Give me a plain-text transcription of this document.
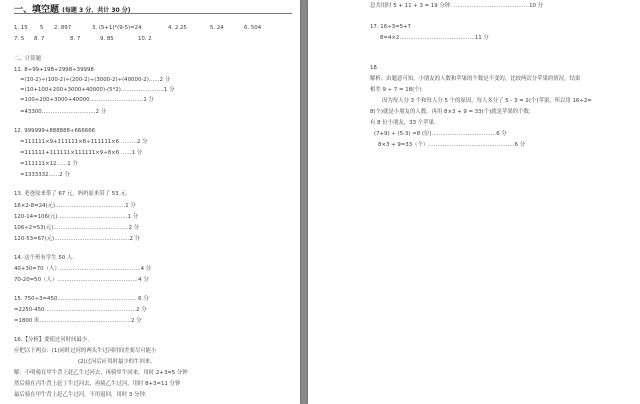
一、填空题 (每题 3 分，共计 30 分)
1. 15 5 2. 897	3. (5+1)*(9-5)=24	4. 2.25	5. 24	6. 504
7. 5 8. 7	8. 7	9. 85	10. 2
二、计算题
11. 8÷99+198÷2998÷39998
=(10-2)÷(100-2)÷(200-2)÷(3000-2)÷(40000-2)……2 分
=(10+100+200+3000+40000)-(5*2)……………………1 分
=100+200+3000+40000…………………………1 分
=43300…………………………2 分
12. 999999+888888÷666666
=111111×9+111111×8÷111111×6 ………2 分
=111111+111111×111111×9÷8×6 ……1 分
=111111×12……1 分
=1333332……2 分
13. 老爸原来带了 67 元，妈妈原来带了 53 元.
16×2-8=24(元)…………………………………1 分
120-14=106(元)…………………………………1 分
106÷2=53(元)……………………………………2 分
120-53=67(元)……………………………………2 分
14. 这个班有学生 50 人.
40+30=70（人）………………………………………4 分
70-20=50（人）………………………………………4 分
15. 750÷3=450………………………………………6 分
=2250-450……………………………………………2 分
=1800 米……………………………………………2 分
16.【分析】要使过河时间最少,
应把以下两点：(1)同时过河的两头牛过河时间差要尽可能小
(2)过河后应用时最少的牛回来。
解：小明骑在甲牛背上赶乙牛过河去，再骑甲牛回来，用时 2+3=5 分钟
然后骑在丙牛背上赶丁牛过河去，再骑乙牛过河，用时 8+3=11 分钟
最后骑在甲牛背上赶乙牛过河，不用返回，用时 3 分钟.
总共用时 5 + 11 + 3 = 19 分钟. ……………………………………10 分
17. 16÷3=5+7
8=4×2……………………………………11 分
18.
解析：由题意可知，小朋友的人数和苹果的个数是不变的，比较两次分苹果的情况，结果
相差 9 ÷ 7 = 18(个)
因为每人分 3 个和每人分 5 个的原因，每人多分了 5 - 3 = 2(个)苹果，所以用 16÷2=
8(个)就是小朋友的人数，再用 8×3 + 9 = 33(个)就是苹果的个数.
有 8 位小朋友，33 个苹果.
(7+9) ÷ (5-3) =8 (位)………………………………6 分
8×3 + 9=33（个）…………………………………………6 分
